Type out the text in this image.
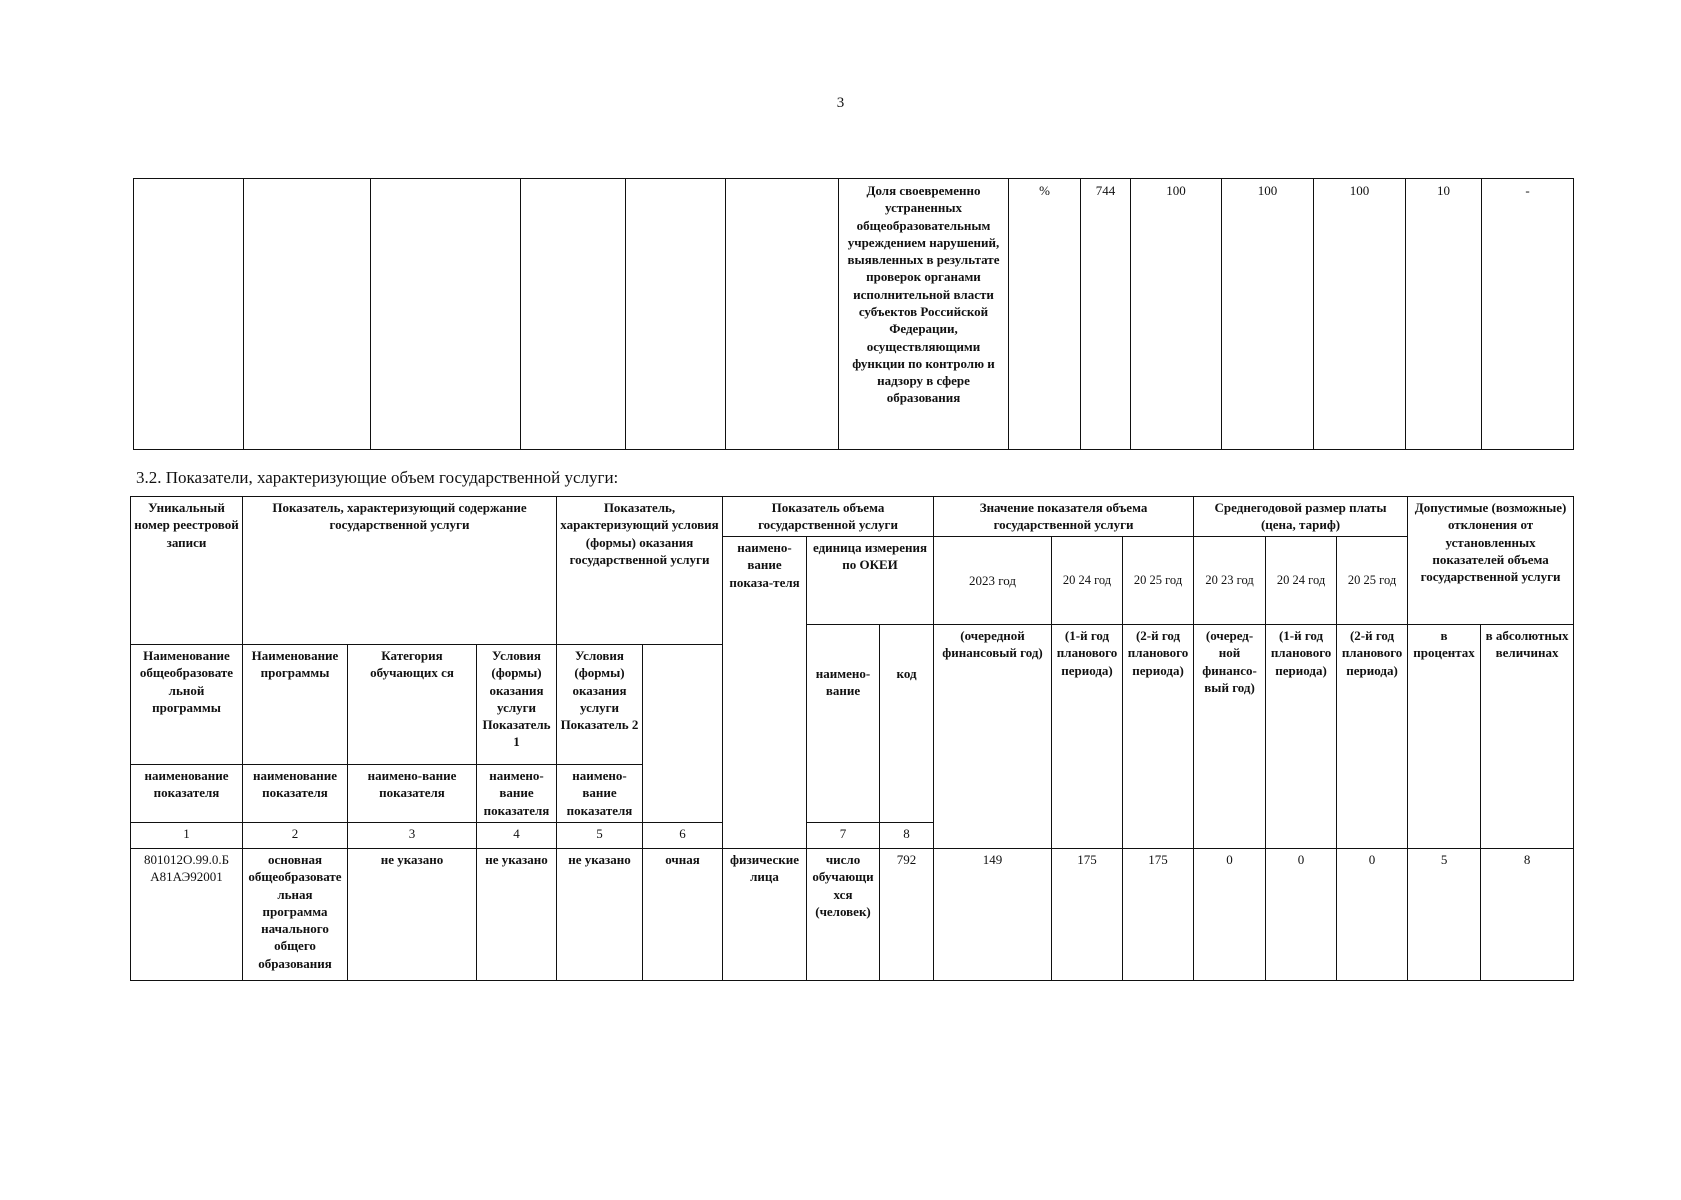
3
						Доля своевременно устраненных общеобразовательным учреждением нарушений, выявленных в результате проверок органами исполнительной власти субъектов Российской Федерации, осуществляющими функции по контролю и надзору в сфере образования	%	744	100	100	100	10	-
3.2. Показатели, характеризующие объем государственной услуги:
Уникальный номер реестровой записи	Показатель, характеризующий содержание государственной услуги			Показатель, характеризующий условия (формы) оказания государственной услуги		Показатель объема государственной услуги			Значение показателя объема государственной услуги			Среднегодовой размер платы (цена, тариф)			Допустимые (возможные) отклонения от установленных показателей объема государственной услуги		
						наимено-вание показа-теля	единица измерения по ОКЕИ		2023 год	20 24 год	20 25 год	20 23 год	20 24 год	20 25 год			
							наимено-вание	код	(очередной финансовый год)	(1-й год планового периода)	(2-й год планового периода)	(очеред-ной финансо-вый год)	(1-й год планового периода)	(2-й год планового периода)	в процентах	в абсолютных величинах	
Наименование общеобразовате льной программы	Наименование программы	Категория обучающих ся	Условия (формы) оказания услуги Показатель 1	Условия (формы) оказания услуги Показатель 2													
наименование показателя	наименование показателя	наимено-вание показателя	наимено-вание показателя	наимено-вание показателя													
1	2	3	4	5	6		7	8									
801012О.99.0.Б А81АЭ92001	основная общеобразовате льная программа начального общего образования	не указано	не указано	не указано	очная	физические лица	число обучающи хся (человек)	792	149	175	175	0	0	0	5	8	
